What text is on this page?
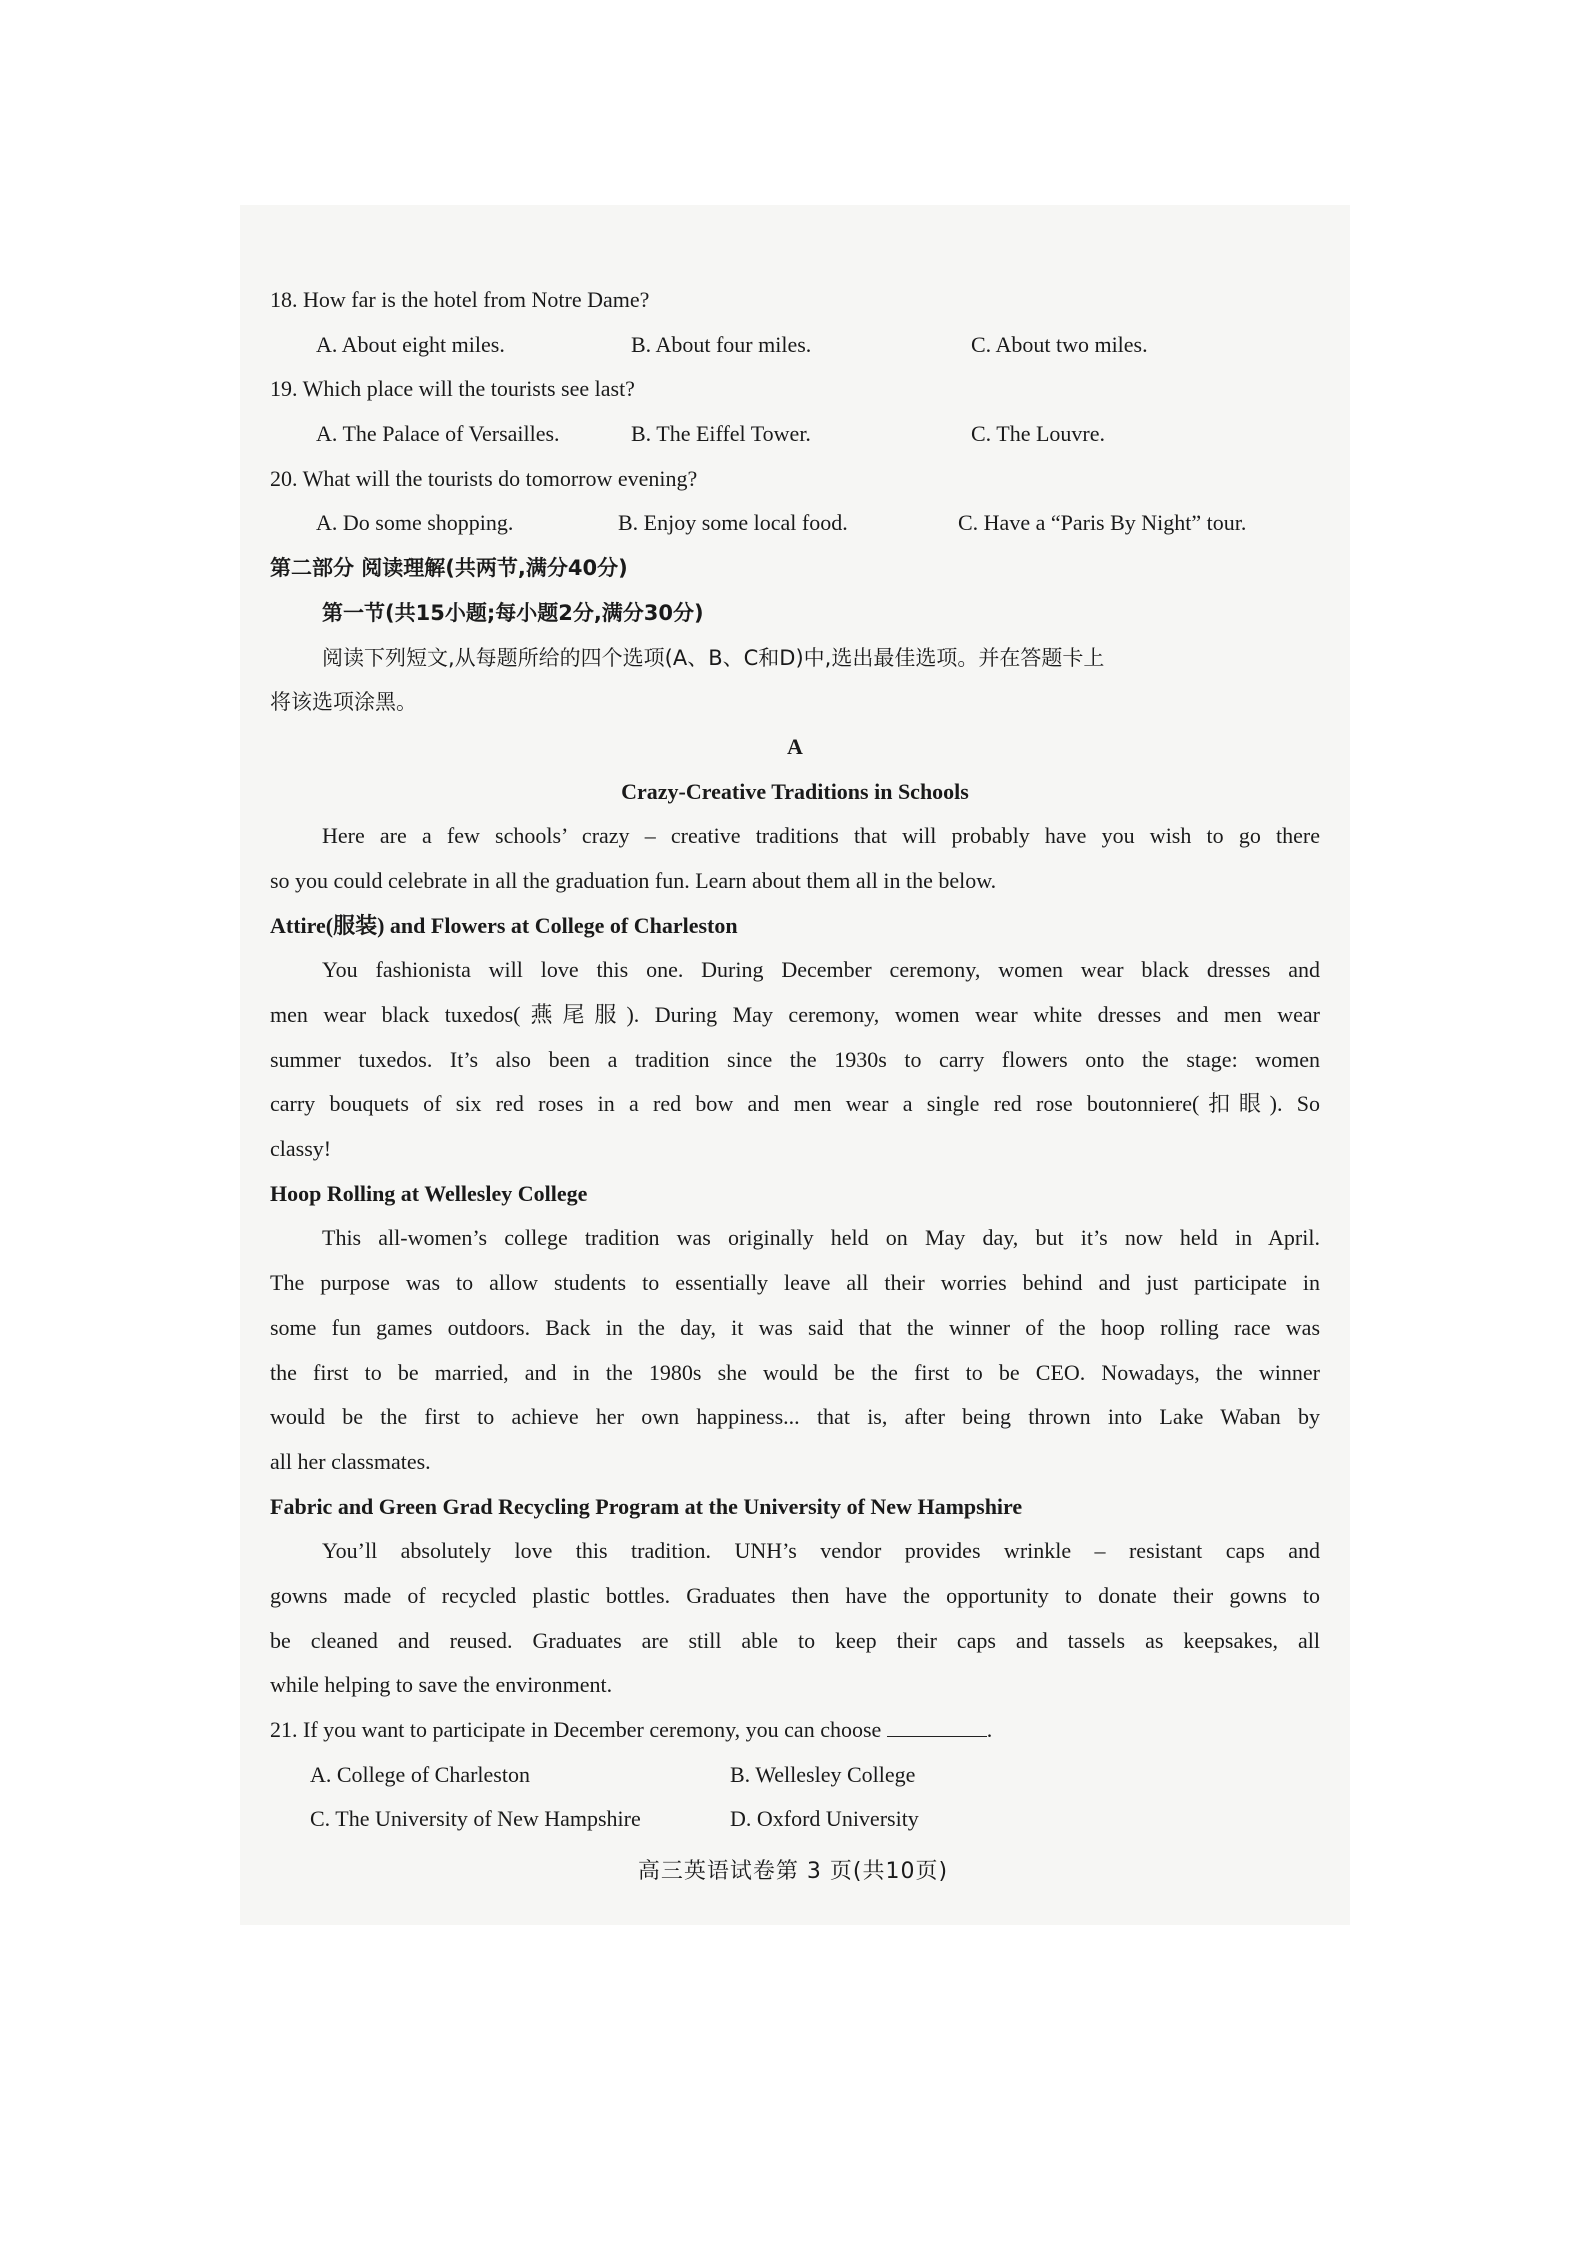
18. How far is the hotel from Notre Dame?
A. About eight miles.	B. About four miles.	C. About two miles.
19. Which place will the tourists see last?
A. The Palace of Versailles.	B. The Eiffel Tower.	C. The Louvre.
20. What will the tourists do tomorrow evening?
A. Do some shopping.	B. Enjoy some local food.	C. Have a “Paris By Night” tour.
第二部分 阅读理解(共两节,满分40分)
第一节(共15小题;每小题2分,满分30分)
阅读下列短文,从每题所给的四个选项(A、B、C和D)中,选出最佳选项。并在答题卡上
将该选项涂黑。
A
Crazy-Creative Traditions in Schools
Here are a few schools’ crazy – creative traditions that will probably have you wish to go there
so you could celebrate in all the graduation fun. Learn about them all in the below.
Attire(服装) and Flowers at College of Charleston
You fashionista will love this one. During December ceremony, women wear black dresses and
men wear black tuxedos(燕尾服). During May ceremony, women wear white dresses and men wear
summer tuxedos. It’s also been a tradition since the 1930s to carry flowers onto the stage: women
carry bouquets of six red roses in a red bow and men wear a single red rose boutonniere(扣眼). So
classy!
Hoop Rolling at Wellesley College
This all-women’s college tradition was originally held on May day, but it’s now held in April.
The purpose was to allow students to essentially leave all their worries behind and just participate in
some fun games outdoors. Back in the day, it was said that the winner of the hoop rolling race was
the first to be married, and in the 1980s she would be the first to be CEO. Nowadays, the winner
would be the first to achieve her own happiness... that is, after being thrown into Lake Waban by
all her classmates.
Fabric and Green Grad Recycling Program at the University of New Hampshire
You’ll absolutely love this tradition. UNH’s vendor provides wrinkle – resistant caps and
gowns made of recycled plastic bottles. Graduates then have the opportunity to donate their gowns to
be cleaned and reused. Graduates are still able to keep their caps and tassels as keepsakes, all
while helping to save the environment.
21. If you want to participate in December ceremony, you can choose	.
A. College of Charleston	B. Wellesley College
C. The University of New Hampshire	D. Oxford University
高三英语试卷第 3 页(共10页)
